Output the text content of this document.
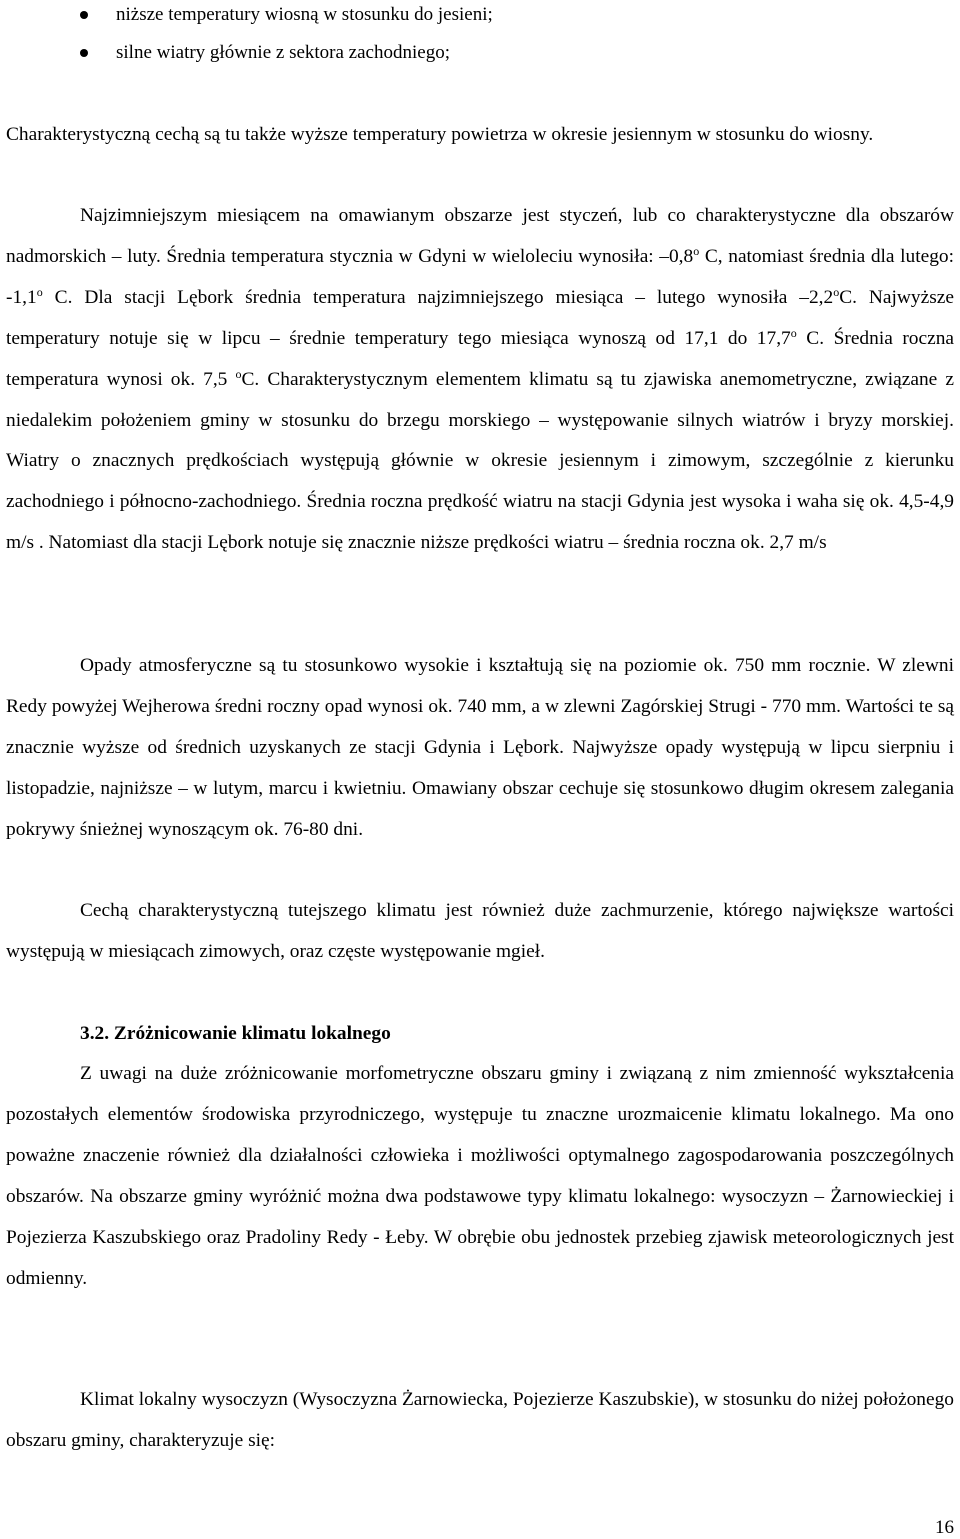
niższe temperatury wiosną w stosunku do jesieni;
silne wiatry głównie z sektora zachodniego;

Charakterystyczną cechą są tu także wyższe temperatury powietrza w okresie jesiennym w stosunku do wiosny.

Najzimniejszym miesiącem na omawianym obszarze jest styczeń, lub co charakterystyczne dla obszarów nadmorskich – luty. Średnia temperatura stycznia w Gdyni w wieloleciu wynosiła: –0,8$^o$ C, natomiast średnia dla lutego: -1,1$^o$ C. Dla stacji Lębork średnia temperatura najzimniejszego miesiąca – lutego wynosiła –2,2$^o$C. Najwyższe temperatury notuje się w lipcu – średnie temperatury tego miesiąca wynoszą od 17,1 do 17,7$^o$ C. Średnia roczna temperatura wynosi ok. 7,5 $^o$C. Charakterystycznym elementem klimatu są tu zjawiska anemometryczne, związane z niedalekim położeniem gminy w stosunku do brzegu morskiego – występowanie silnych wiatrów i bryzy morskiej. Wiatry o znacznych prędkościach występują głównie w okresie jesiennym i zimowym, szczególnie z kierunku zachodniego i północno-zachodniego. Średnia roczna prędkość wiatru na stacji Gdynia jest wysoka i waha się ok. 4,5-4,9 m/s . Natomiast dla stacji Lębork notuje się znacznie niższe prędkości wiatru – średnia roczna ok. 2,7 m/s

Opady atmosferyczne są tu stosunkowo wysokie i kształtują się na poziomie ok. 750 mm rocznie. W zlewni Redy powyżej Wejherowa średni roczny opad wynosi ok. 740 mm, a w zlewni Zagórskiej Strugi - 770 mm. Wartości te są znacznie wyższe od średnich uzyskanych ze stacji Gdynia i Lębork. Najwyższe opady występują w lipcu sierpniu i listopadzie, najniższe – w lutym, marcu i kwietniu. Omawiany obszar cechuje się stosunkowo długim okresem zalegania pokrywy śnieżnej wynoszącym ok. 76-80 dni.

Cechą charakterystyczną tutejszego klimatu jest również duże zachmurzenie, którego największe wartości występują w miesiącach zimowych, oraz częste występowanie mgieł.

3.2. Zróżnicowanie klimatu lokalnego

Z uwagi na duże zróżnicowanie morfometryczne obszaru gminy i związaną z nim zmienność wykształcenia pozostałych elementów środowiska przyrodniczego, występuje tu znaczne urozmaicenie klimatu lokalnego. Ma ono poważne znaczenie również dla działalności człowieka i możliwości optymalnego zagospodarowania poszczególnych obszarów. Na obszarze gminy wyróżnić można dwa podstawowe typy klimatu lokalnego: wysoczyzn – Żarnowieckiej i Pojezierza Kaszubskiego oraz Pradoliny Redy - Łeby. W obrębie obu jednostek przebieg zjawisk meteorologicznych jest odmienny.

Klimat lokalny wysoczyzn (Wysoczyzna Żarnowiecka, Pojezierze Kaszubskie), w stosunku do niżej położonego obszaru gminy, charakteryzuje się:

16
